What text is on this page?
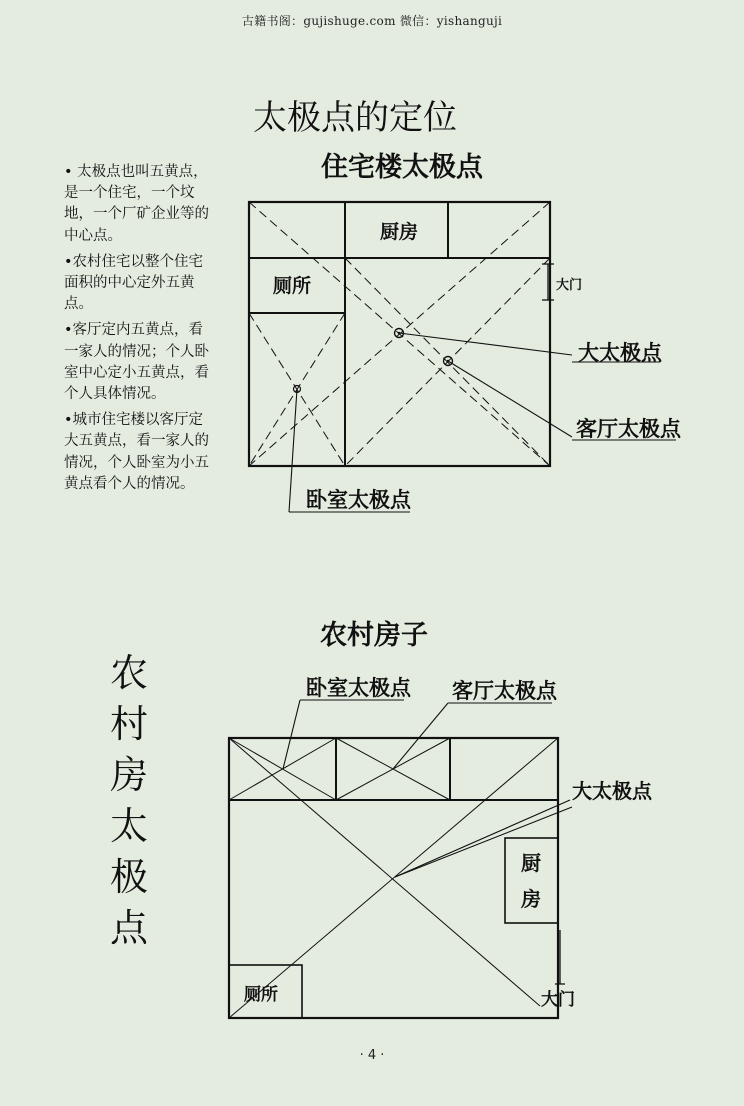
古籍书阁：gujishuge.com 微信：yishanguji
太极点的定位
• 太极点也叫五黄点，是一个住宅，一个坟地，一个厂矿企业等的中心点。
•农村住宅以整个住宅面积的中心定外五黄点。
•客厅定内五黄点，看一家人的情况；个人卧室中心定小五黄点，看个人具体情况。
•城市住宅楼以客厅定大五黄点，看一家人的情况，个人卧室为小五黄点看个人的情况。
农
村
房
太
极
点
住宅楼太极点
厨房
厕所	大门
大太极点
客厅太极点
卧室太极点
农村房子
卧室太极点 客厅太极点
大太极点
厨
房
厕所	大门
· 4 ·
